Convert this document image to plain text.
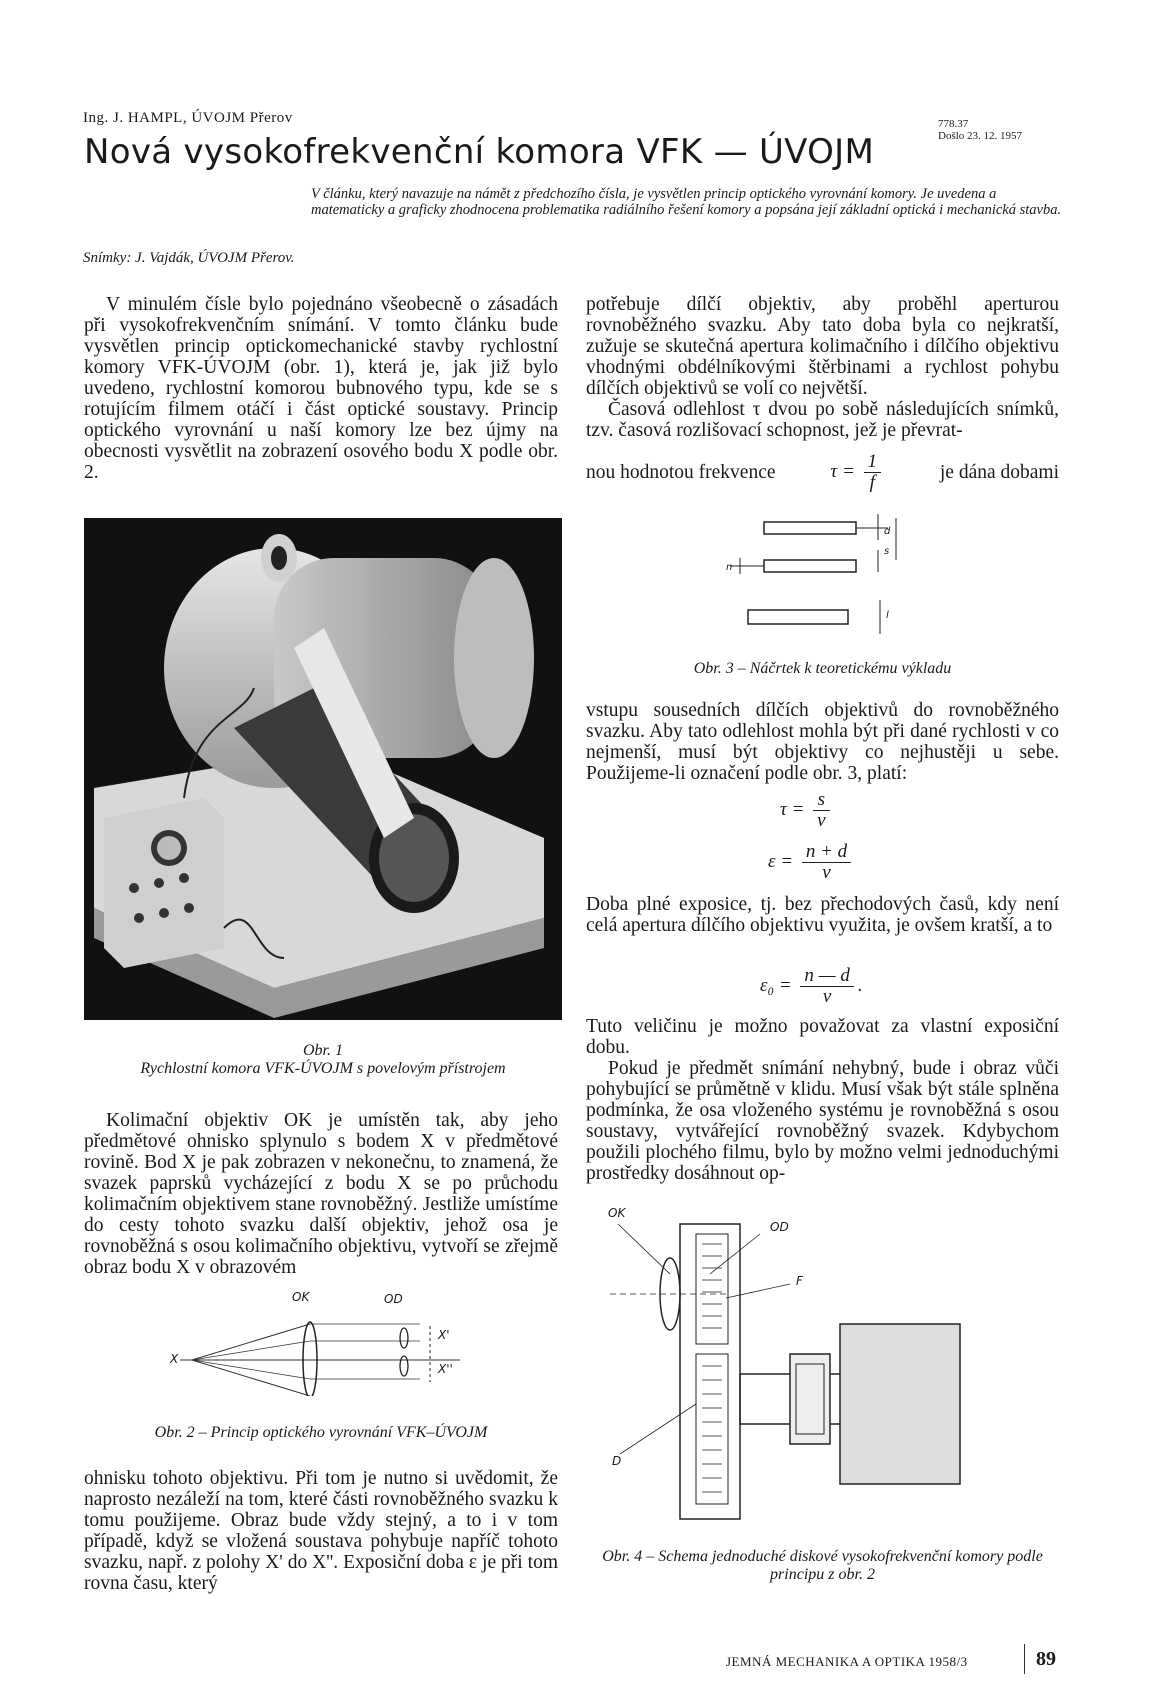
Ing. J. HAMPL, ÚVOJM Přerov
Nová vysokofrekvenční komora VFK — ÚVOJM
778.37
Došlo 23. 12. 1957
V článku, který navazuje na námět z předchozího čísla, je vysvětlen princip optického vyrovnání komory. Je uvedena a matematicky a graficky zhodnocena problematika radiálního řešení komory a popsána její základní optická i mechanická stavba.
Snímky: J. Vajdák, ÚVOJM Přerov.

V minulém čísle bylo pojednáno všeobecně o zásadách při vysokofrekvenčním snímání. V tomto článku bude vysvětlen princip optickomechanické stavby rychlostní komory VFK-ÚVOJM (obr. 1), která je, jak již bylo uvedeno, rychlostní komorou bubnového typu, kde se s rotujícím filmem otáčí i část optické soustavy. Princip optického vyrovnání u naší komory lze bez újmy na obecnosti vysvětlit na zobrazení osového bodu X podle obr. 2.

Obr. 1
Rychlostní komora VFK-ÚVOJM s povelovým přístrojem

Kolimační objektiv OK je umístěn tak, aby jeho předmětové ohnisko splynulo s bodem X v předmětové rovině. Bod X je pak zobrazen v nekonečnu, to znamená, že svazek paprsků vycházející z bodu X se po průchodu kolimačním objektivem stane rovnoběžný. Jestliže umístíme do cesty tohoto svazku další objektiv, jehož osa je rovnoběžná s osou kolimačního objektivu, vytvoří se zřejmě obraz bodu X v obrazovém

OK	OD
X
X'
X''
Obr. 2 – Princip optického vyrovnání VFK–ÚVOJM

ohnisku tohoto objektivu. Při tom je nutno si uvědomit, že naprosto nezáleží na tom, které části rovnoběžného svazku k tomu použijeme. Obraz bude vždy stejný, a to i v tom případě, když se vložená soustava pohybuje napříč tohoto svazku, např. z polohy X' do X''. Exposiční doba ε je při tom rovna času, který

potřebuje dílčí objektiv, aby proběhl aperturou rovnoběžného svazku. Aby tato doba byla co nejkratší, zužuje se skutečná apertura kolimačního i dílčího objektivu vhodnými obdélníkovými štěrbinami a rychlost pohybu dílčích objektivů se volí co největší.

Časová odlehlost τ dvou po sobě následujících snímků, tzv. časová rozlišovací schopnost, jež je převrat-

nou hodnotou frekvence	$\tau = \frac{1}{f}$	je dána dobami
d
s
n
l
Obr. 3 – Náčrtek k teoretickému výkladu

vstupu sousedních dílčích objektivů do rovnoběžného svazku. Aby tato odlehlost mohla být při dané rychlosti v co nejmenší, musí být objektivy co nejhustěji u sebe. Použijeme-li označení podle obr. 3, platí:

$\tau = \frac{s}{v}$
$\varepsilon = \frac{n + d}{v}$

Doba plné exposice, tj. bez přechodových časů, kdy není celá apertura dílčího objektivu využita, je ovšem kratší, a to

$\varepsilon_0 = \frac{n — d}{v}$ .

Tuto veličinu je možno považovat za vlastní exposiční dobu.

Pokud je předmět snímání nehybný, bude i obraz vůči pohybující se průmětně v klidu. Musí však být stále splněna podmínka, že osa vloženého systému je rovnoběžná s osou soustavy, vytvářející rovnoběžný svazek. Kdybychom použili plochého filmu, bylo by možno velmi jednoduchými prostředky dosáhnout op-

OK
OD
F
D
Obr. 4 – Schema jednoduché diskové vysokofrekvenční komory podle principu z obr. 2
JEMNÁ MECHANIKA A OPTIKA 1958/3	89
